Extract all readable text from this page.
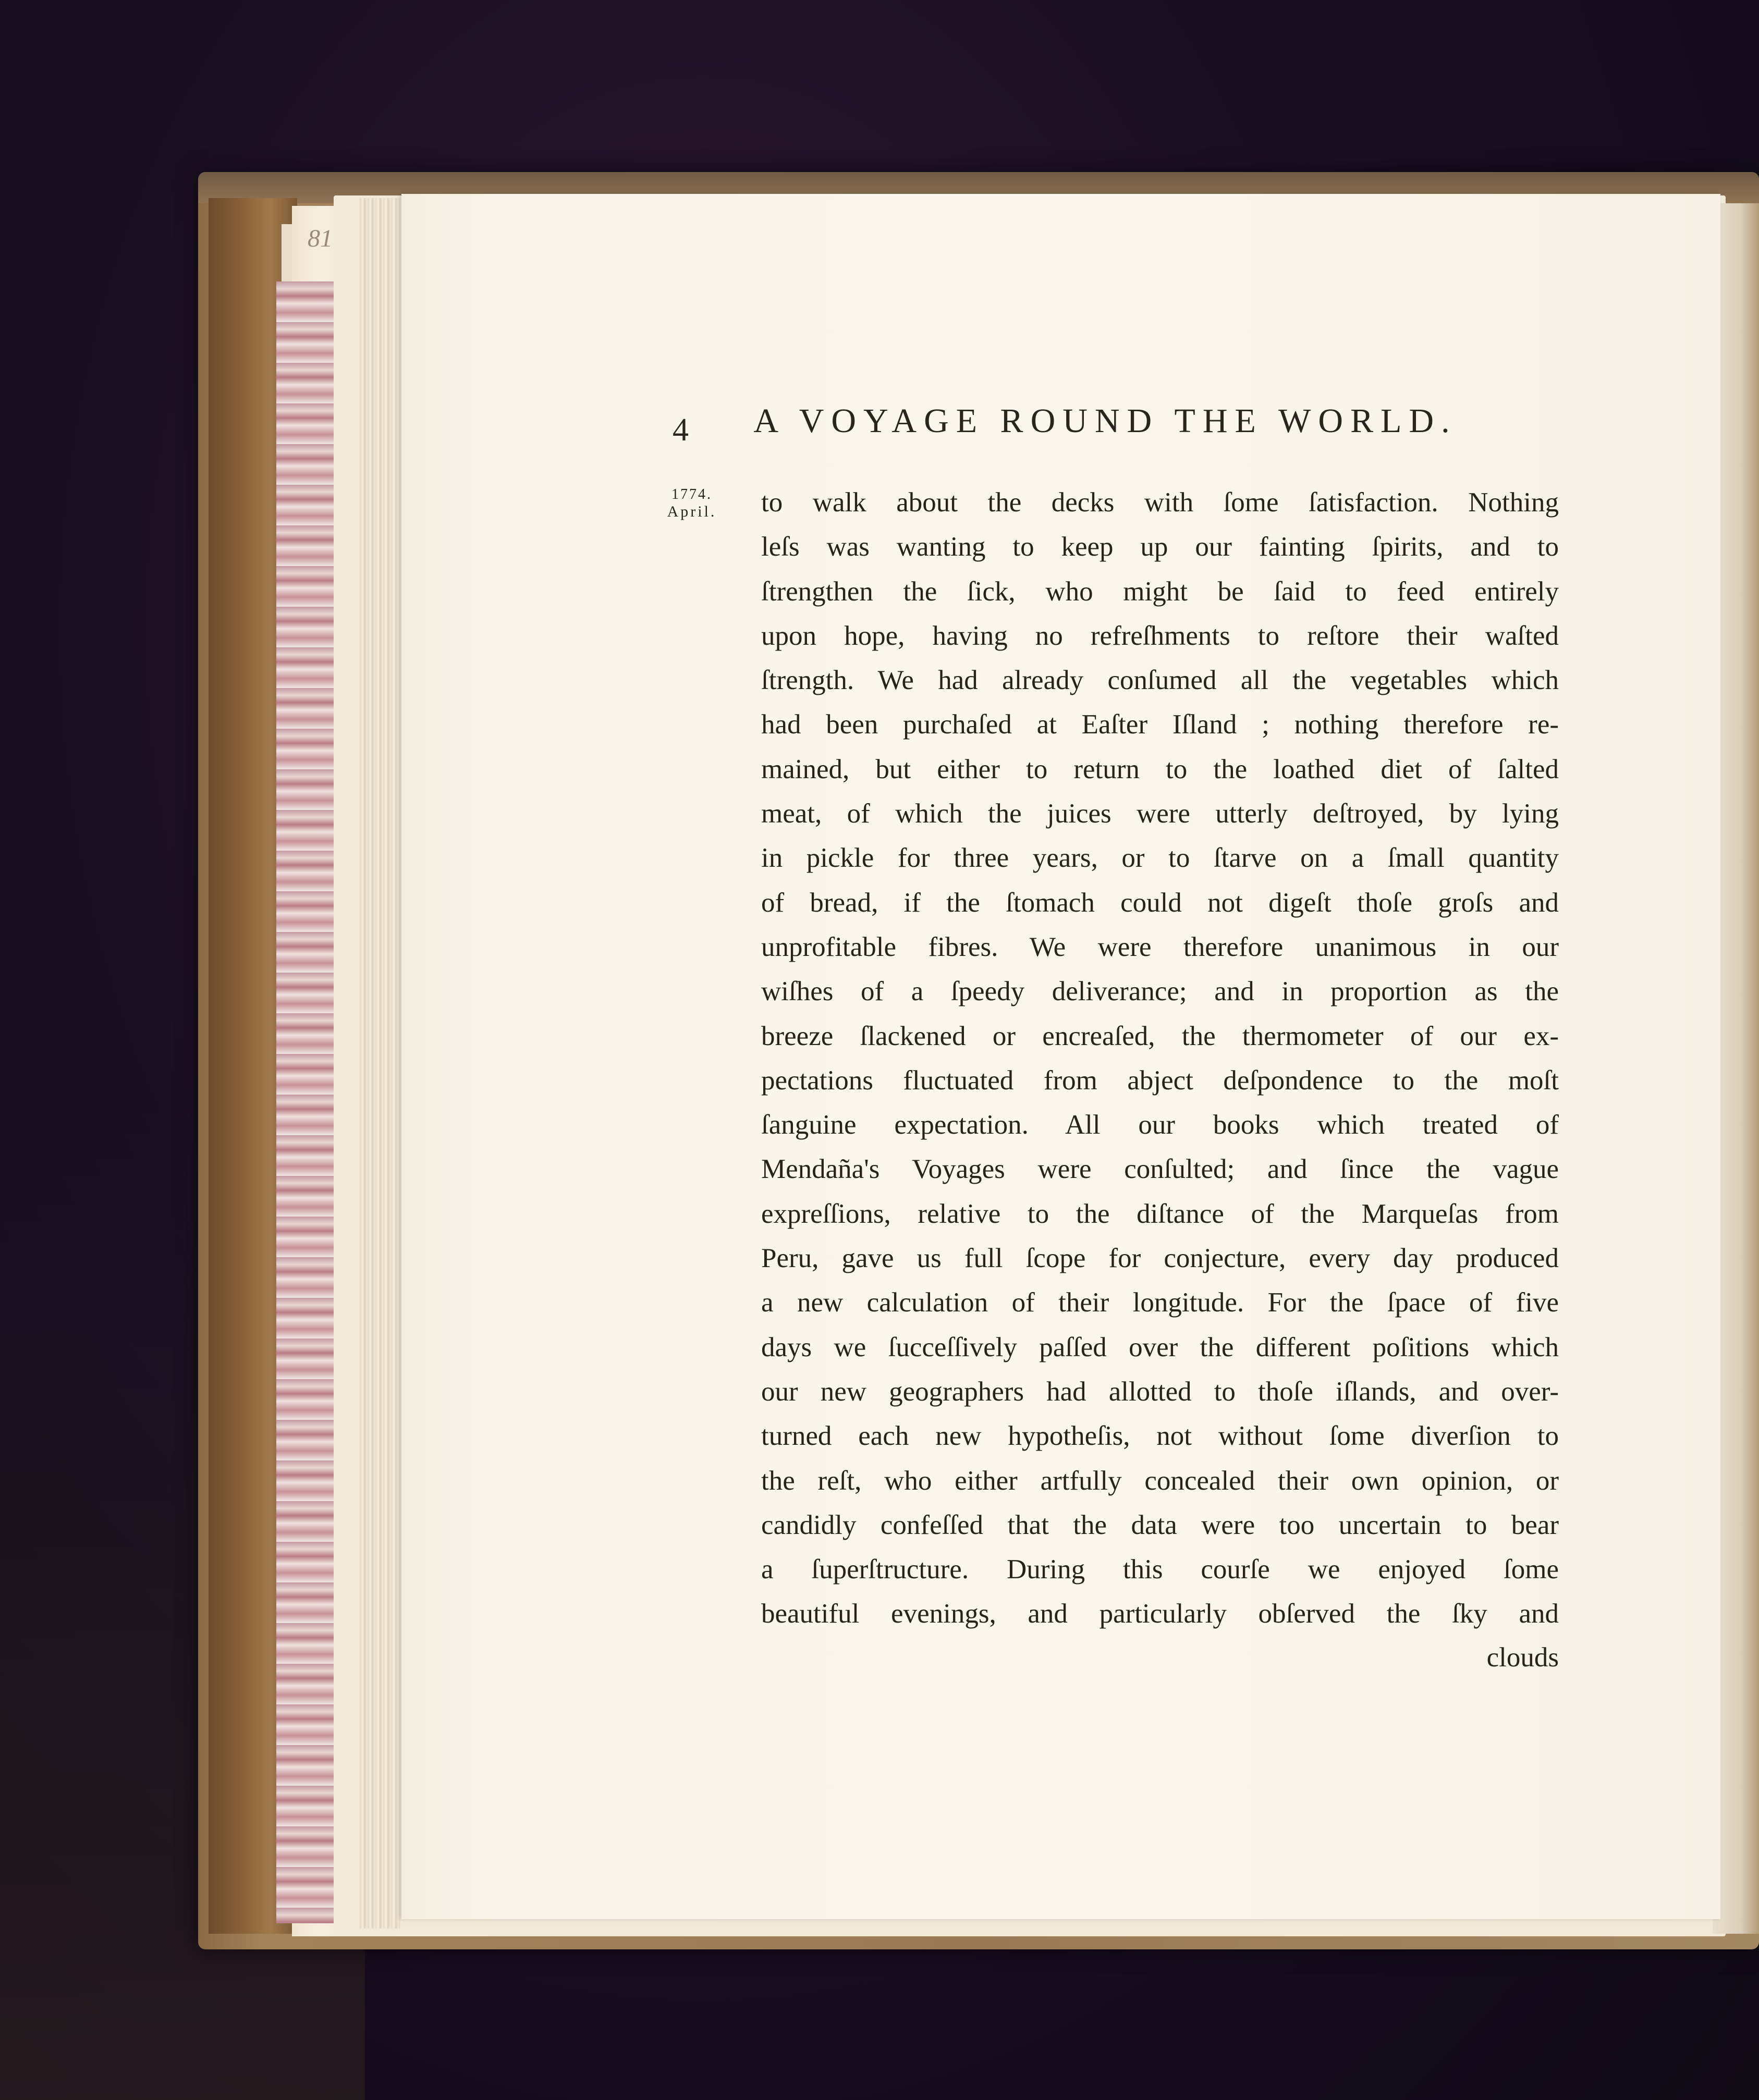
81
4	A VOYAGE ROUND THE WORLD.
1774.
April.	to walk about the decks with ſome ſatisfaction. Nothing
leſs was wanting to keep up our fainting ſpirits, and to
ſtrengthen the ſick, who might be ſaid to feed entirely
upon hope, having no refreſhments to reſtore their waſted
ſtrength. We had already conſumed all the vegetables which
had been purchaſed at Eaſter Iſland ; nothing therefore re-
mained, but either to return to the loathed diet of ſalted
meat, of which the juices were utterly deſtroyed, by lying
in pickle for three years, or to ſtarve on a ſmall quantity
of bread, if the ſtomach could not digeſt thoſe groſs and
unprofitable fibres. We were therefore unanimous in our
wiſhes of a ſpeedy deliverance; and in proportion as the
breeze ſlackened or encreaſed, the thermometer of our ex-
pectations fluctuated from abject deſpondence to the moſt
ſanguine expectation. All our books which treated of
Mendaña's Voyages were conſulted; and ſince the vague
expreſſions, relative to the diſtance of the Marqueſas from
Peru, gave us full ſcope for conjecture, every day produced
a new calculation of their longitude. For the ſpace of five
days we ſucceſſively paſſed over the different poſitions which
our new geographers had allotted to thoſe iſlands, and over-
turned each new hypotheſis, not without ſome diverſion to
the reſt, who either artfully concealed their own opinion, or
candidly confeſſed that the data were too uncertain to bear
a ſuperſtructure. During this courſe we enjoyed ſome
beautiful evenings, and particularly obſerved the ſky and
clouds
